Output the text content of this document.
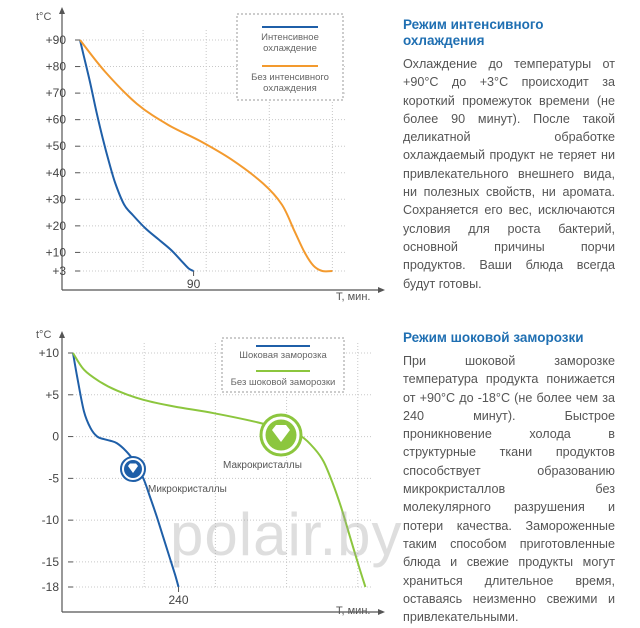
t°C
+90
+80
+70
+60
+50
+40
+30
+20
+10
+3
90
Т, мин.
Интенсивное
охлаждение
Без интенсивного
охлаждения

Режим интенсивного охлаждения

Охлаждение до температуры от +90°С до +3°С происходит за короткий промежуток времени (не более 90 минут). После такой деликатной обработке охлаждаемый продукт не теряет ни привлекательного внешнего вида, ни полезных свойств, ни аромата. Сохраняется его вес, исключаются условия для роста бактерий, основной причины порчи продуктов. Ваши блюда всегда будут готовы.

t°C
+10
+5
0
-5
-10
-15
-18
240
Т, мин.
Шоковая заморозка
Без шоковой заморозки
Микрокристаллы
Макрокристаллы

Режим шоковой заморозки

При шоковой заморозке температура продукта понижается от +90°С до -18°С (не более чем за 240 минут). Быстрое проникновение холода в структурные ткани продуктов способствует образованию микрокристаллов без молекулярного разрушения и потери качества. Замороженные таким способом приготовленные блюда и свежие продукты могут храниться длительное время, оставаясь неизменно свежими и привлекательными.

polair.by
